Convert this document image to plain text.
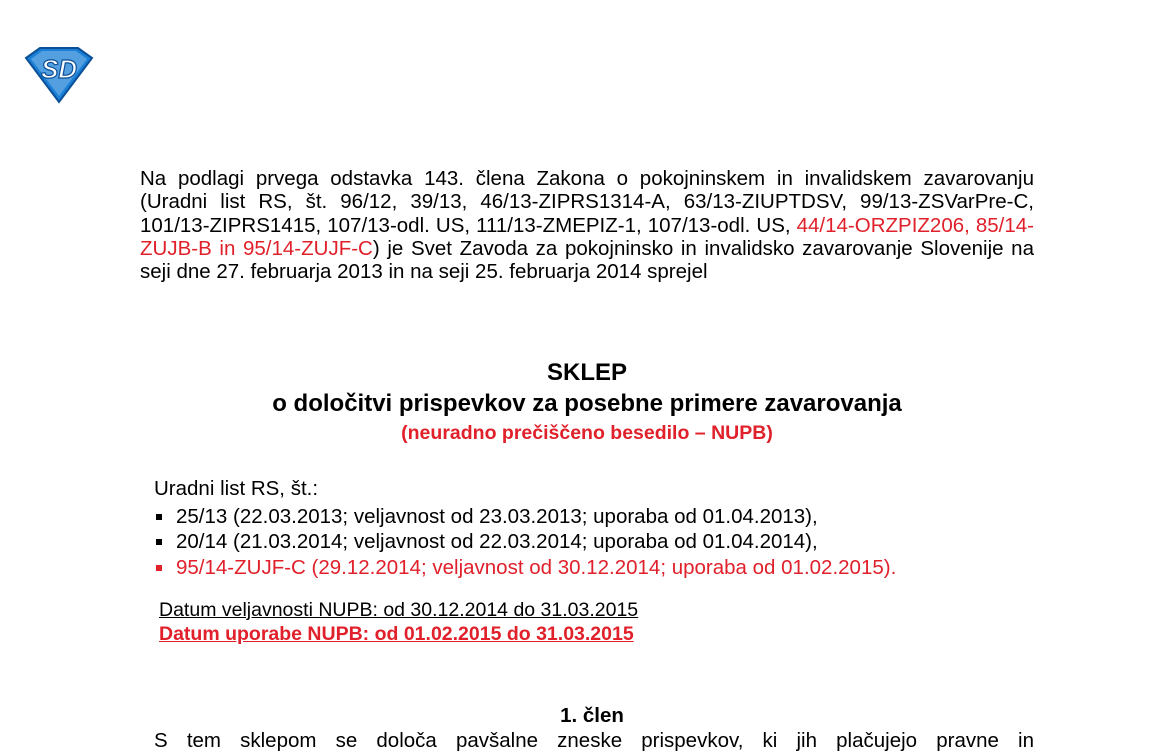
SD

Na podlagi prvega odstavka 143. člena Zakona o pokojninskem in invalidskem zavarovanju (Uradni list RS, št. 96/12, 39/13, 46/13-ZIPRS1314-A, 63/13-ZIUPTDSV, 99/13-ZSVarPre-C, 101/13-ZIPRS1415, 107/13-odl. US, 111/13-ZMEPIZ-1, 107/13-odl. US, 44/14-ORZPIZ206, 85/14-ZUJB-B in 95/14-ZUJF-C) je Svet Zavoda za pokojninsko in invalidsko zavarovanje Slovenije na seji dne 27. februarja 2013 in na seji 25. februarja 2014 sprejel

SKLEP

o določitvi prispevkov za posebne primere zavarovanja

(neuradno prečiščeno besedilo – NUPB)

Uradni list RS, št.:

25/13 (22.03.2013; veljavnost od 23.03.2013; uporaba od 01.04.2013),
20/14 (21.03.2014; veljavnost od 22.03.2014; uporaba od 01.04.2014),
95/14-ZUJF-C (29.12.2014; veljavnost od 30.12.2014; uporaba od 01.02.2015).

Datum veljavnosti NUPB: od 30.12.2014 do 31.03.2015

Datum uporabe NUPB: od 01.02.2015 do 31.03.2015

1. člen

S tem sklepom se določa pavšalne zneske prispevkov, ki jih plačujejo pravne in
